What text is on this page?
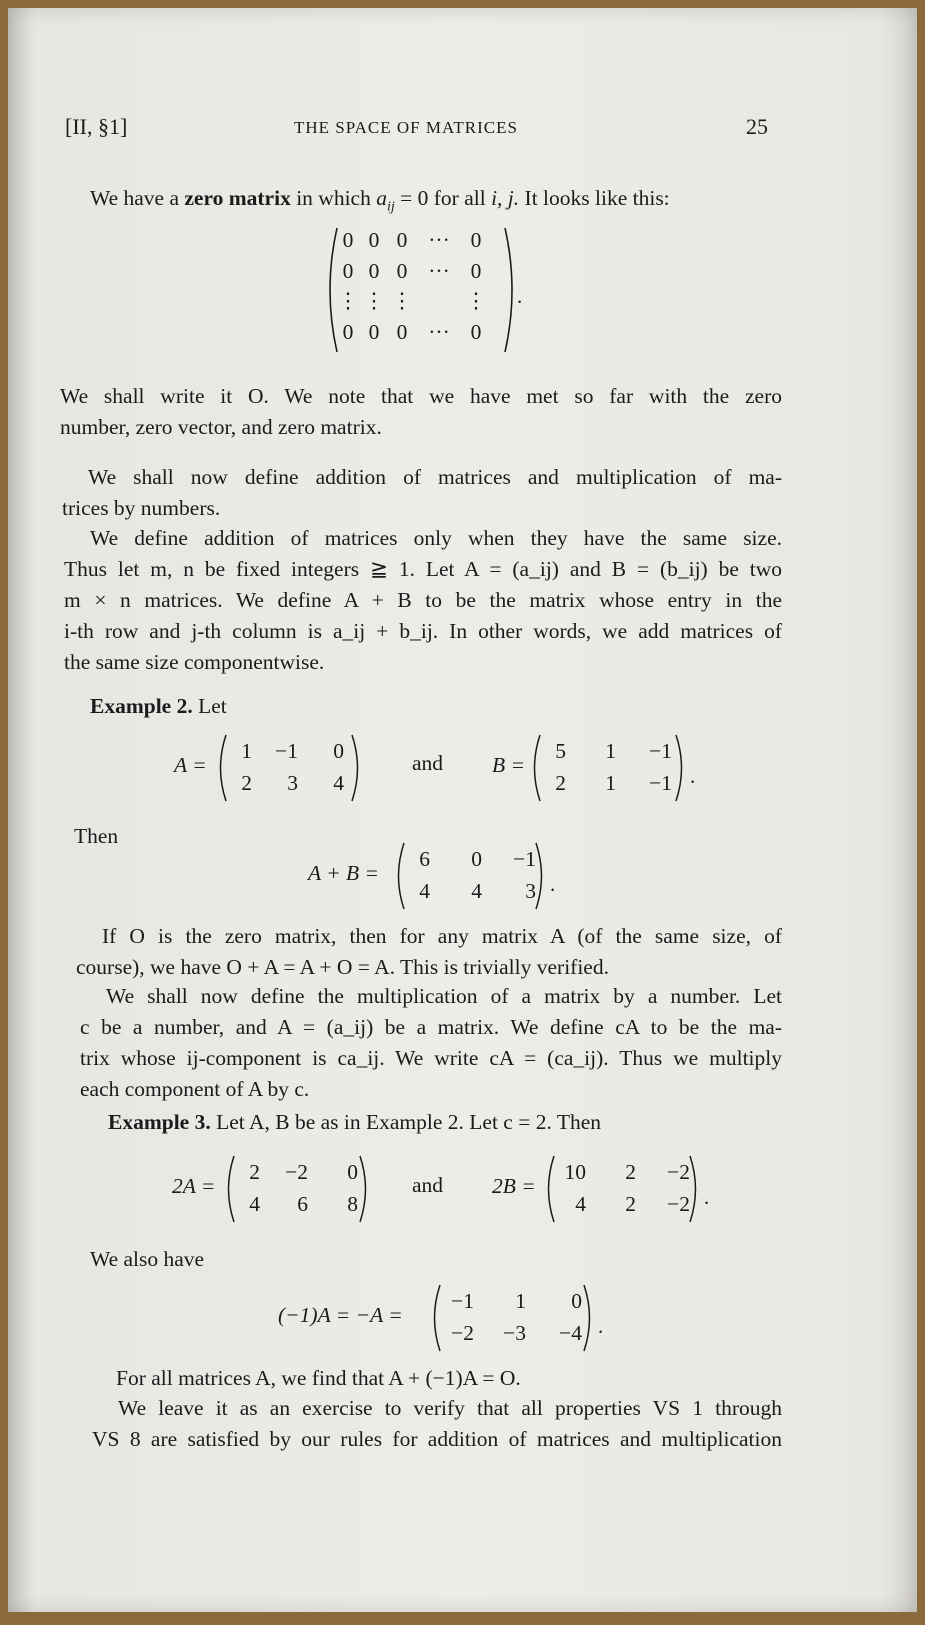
[II, §1]	THE SPACE OF MATRICES	25
We have a zero matrix in which $a_{ij} = 0$ for all i, j. It looks like this:
0 0 0 ··· 0
0 0 0 ··· 0
⋮ ⋮ ⋮ ⋮
0 0 0 ··· 0
.
We shall write it O. We note that we have met so far with the zero
number, zero vector, and zero matrix.
We shall now define addition of matrices and multiplication of ma-
trices by numbers.
We define addition of matrices only when they have the same size.
Thus let m, n be fixed integers ≧ 1. Let A = (a_ij) and B = (b_ij) be two
m × n matrices. We define A + B to be the matrix whose entry in the
i-th row and j-th column is a_ij + b_ij. In other words, we add matrices of
the same size componentwise.
Example 2. Let
A =
1	−1	0
2	3	4
and B =
5	1	−1
2	1	−1 .
Then
A + B =
6	0	−1
4	4	3 .
If O is the zero matrix, then for any matrix A (of the same size, of
course), we have O + A = A + O = A. This is trivially verified.
We shall now define the multiplication of a matrix by a number. Let
c be a number, and A = (a_ij) be a matrix. We define cA to be the ma-
trix whose ij-component is ca_ij. We write cA = (ca_ij). Thus we multiply
each component of A by c.
Example 3. Let A, B be as in Example 2. Let c = 2. Then
2A =
2	−2	0
4	6	8
and 2B =
10	2	−2
4	2	−2 .
We also have
(−1)A = −A =
−1	1	0
−2	−3	−4 .
For all matrices A, we find that A + (−1)A = O.
We leave it as an exercise to verify that all properties VS 1 through
VS 8 are satisfied by our rules for addition of matrices and multiplication
